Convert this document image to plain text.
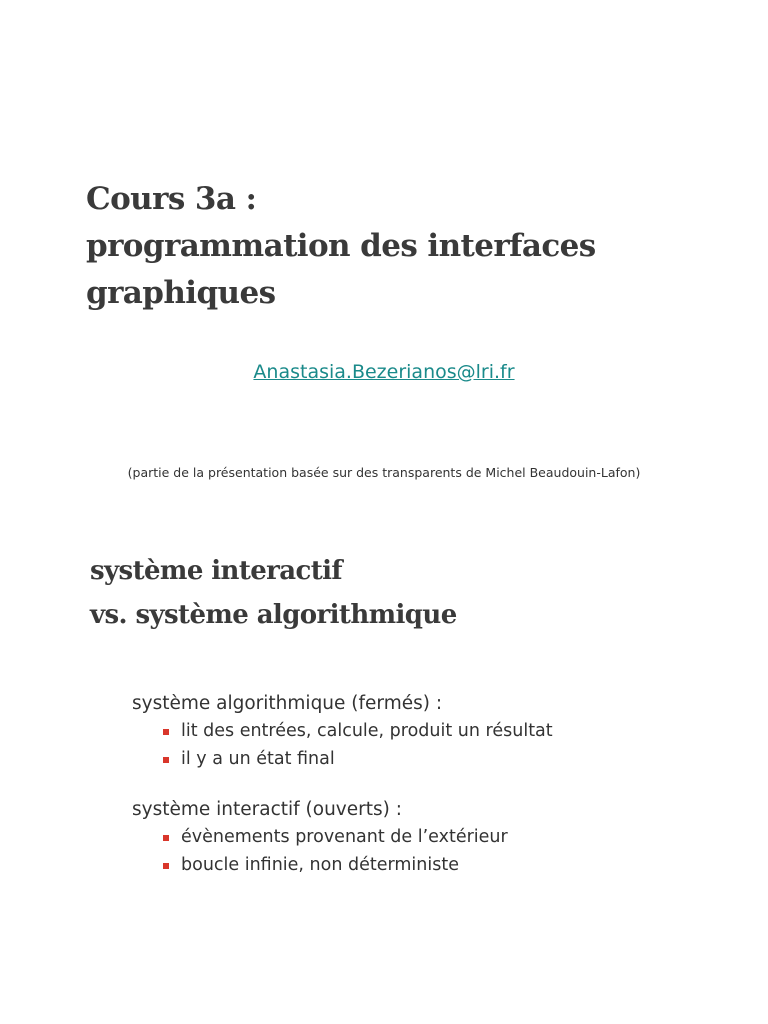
Cours 3a :
programmation des interfaces
graphiques
Anastasia.Bezerianos@lri.fr
(partie de la présentation basée sur des transparents de Michel Beaudouin-Lafon)
système interactif
vs. système algorithmique
système algorithmique (fermés) :
lit des entrées, calcule, produit un résultat
il y a un état final
système interactif (ouverts) :
évènements provenant de l’extérieur
boucle infinie, non déterministe
